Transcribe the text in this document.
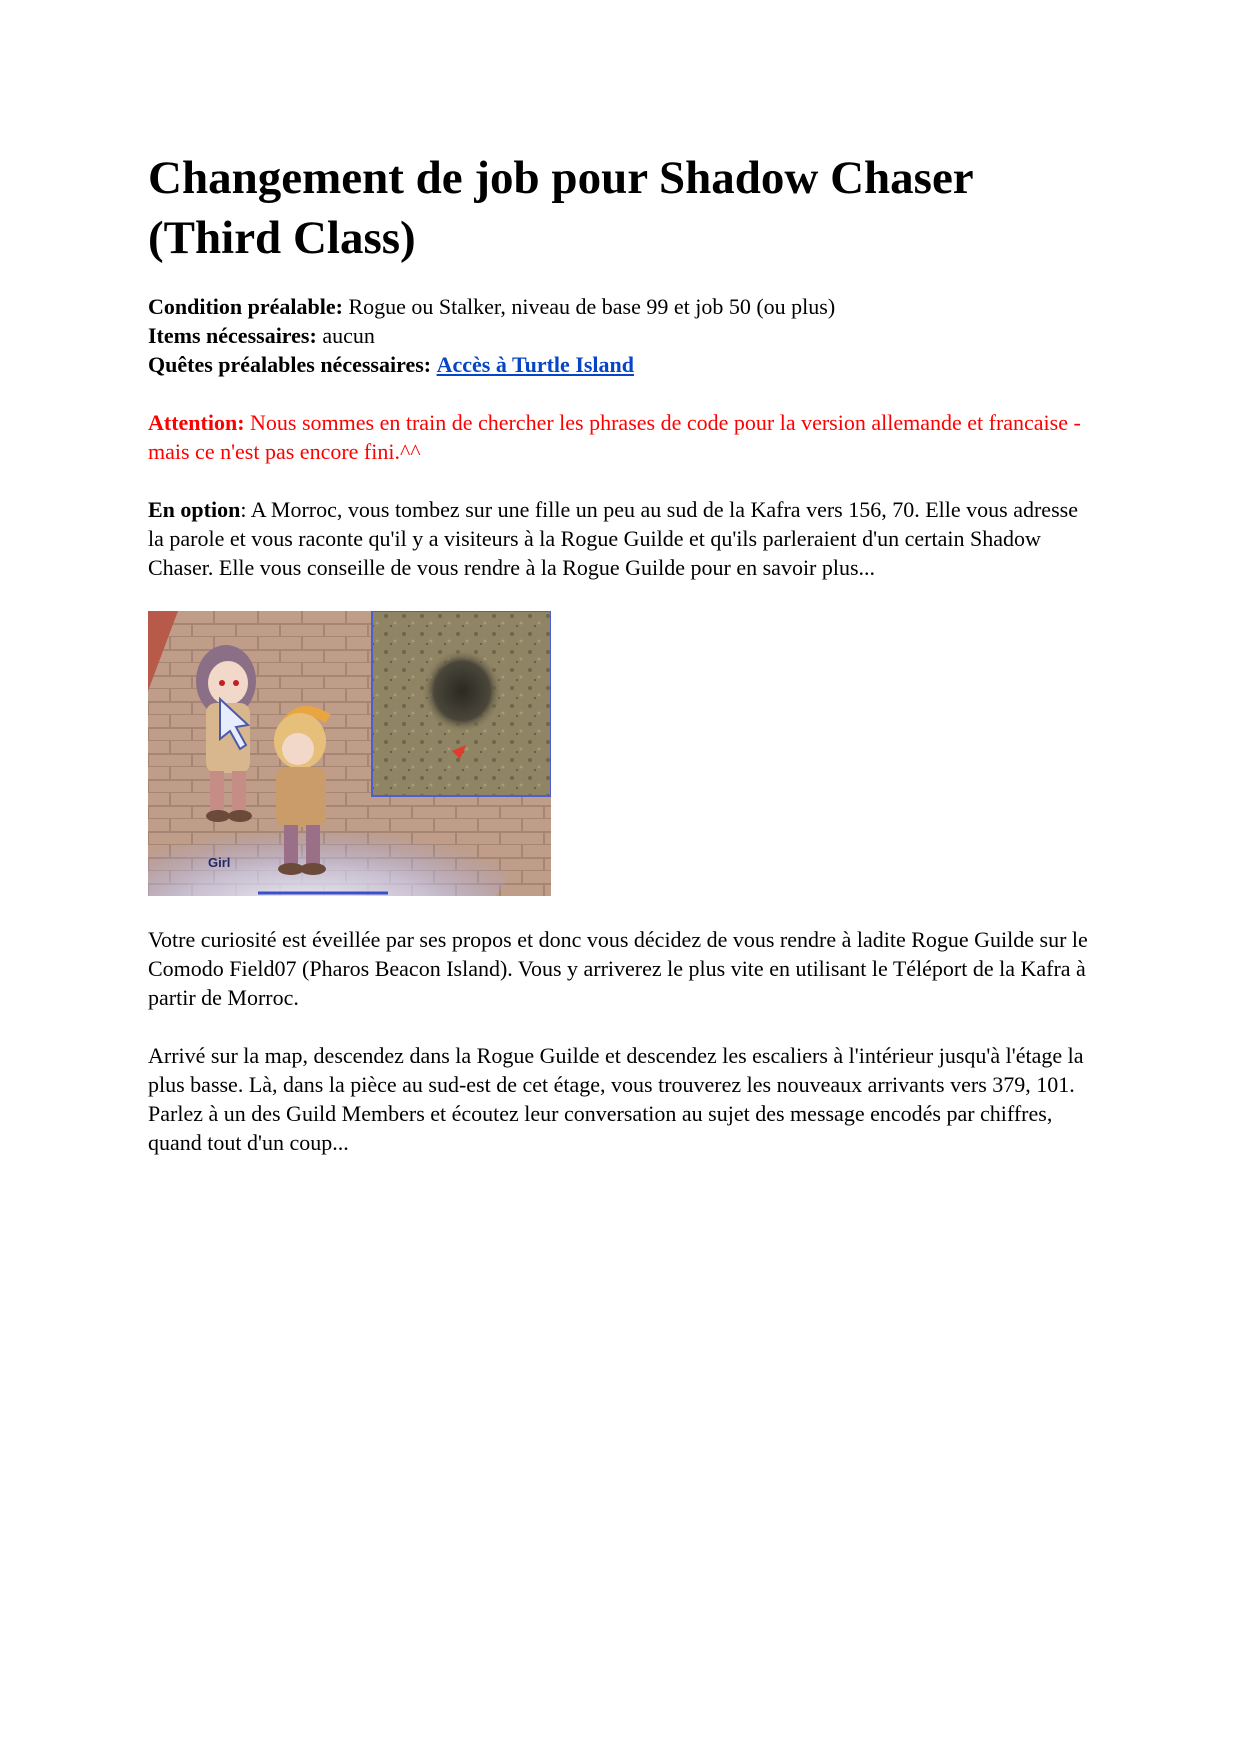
Changement de job pour Shadow Chaser (Third Class)
Condition préalable: Rogue ou Stalker, niveau de base 99 et job 50 (ou plus)
Items nécessaires: aucun
Quêtes préalables nécessaires: Accès à Turtle Island

Attention: Nous sommes en train de chercher les phrases de code pour la version allemande et francaise - mais ce n'est pas encore fini.^^

En option: A Morroc, vous tombez sur une fille un peu au sud de la Kafra vers 156, 70. Elle vous adresse la parole et vous raconte qu'il y a visiteurs à la Rogue Guilde et qu'ils parleraient d'un certain Shadow Chaser. Elle vous conseille de vous rendre à la Rogue Guilde pour en savoir plus...

Girl

Votre curiosité est éveillée par ses propos et donc vous décidez de vous rendre à ladite Rogue Guilde sur le Comodo Field07 (Pharos Beacon Island). Vous y arriverez le plus vite en utilisant le Téléport de la Kafra à partir de Morroc.

Arrivé sur la map, descendez dans la Rogue Guilde et descendez les escaliers à l'intérieur jusqu'à l'étage la plus basse. Là, dans la pièce au sud-est de cet étage, vous trouverez les nouveaux arrivants vers 379, 101. Parlez à un des Guild Members et écoutez leur conversation au sujet des message encodés par chiffres, quand tout d'un coup...
